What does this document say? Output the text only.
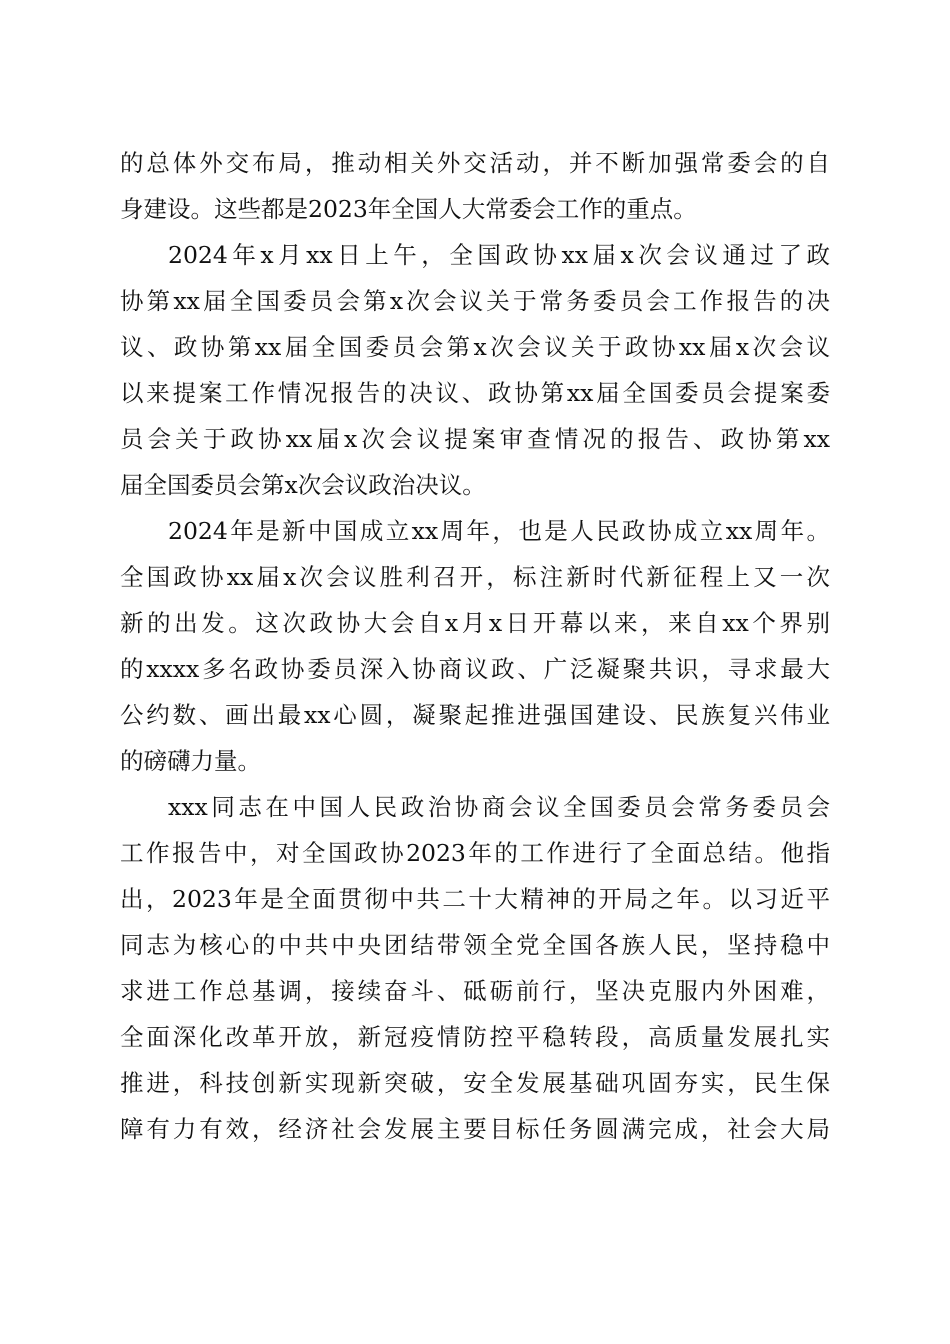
的总体外交布局，推动相关外交活动，并不断加强常委会的自
身建设。这些都是2023年全国人大常委会工作的重点。
2024年x月xx日上午，全国政协xx届x次会议通过了政
协第xx届全国委员会第x次会议关于常务委员会工作报告的决
议、政协第xx届全国委员会第x次会议关于政协xx届x次会议
以来提案工作情况报告的决议、政协第xx届全国委员会提案委
员会关于政协xx届x次会议提案审查情况的报告、政协第xx
届全国委员会第x次会议政治决议。
2024年是新中国成立xx周年，也是人民政协成立xx周年。
全国政协xx届x次会议胜利召开，标注新时代新征程上又一次
新的出发。这次政协大会自x月x日开幕以来，来自xx个界别
的xxxx多名政协委员深入协商议政、广泛凝聚共识，寻求最大
公约数、画出最xx心圆，凝聚起推进强国建设、民族复兴伟业
的磅礴力量。
xxx同志在中国人民政治协商会议全国委员会常务委员会
工作报告中，对全国政协2023年的工作进行了全面总结。他指
出，2023年是全面贯彻中共二十大精神的开局之年。以习近平
同志为核心的中共中央团结带领全党全国各族人民，坚持稳中
求进工作总基调，接续奋斗、砥砺前行，坚决克服内外困难，
全面深化改革开放，新冠疫情防控平稳转段，高质量发展扎实
推进，科技创新实现新突破，安全发展基础巩固夯实，民生保
障有力有效，经济社会发展主要目标任务圆满完成，社会大局
